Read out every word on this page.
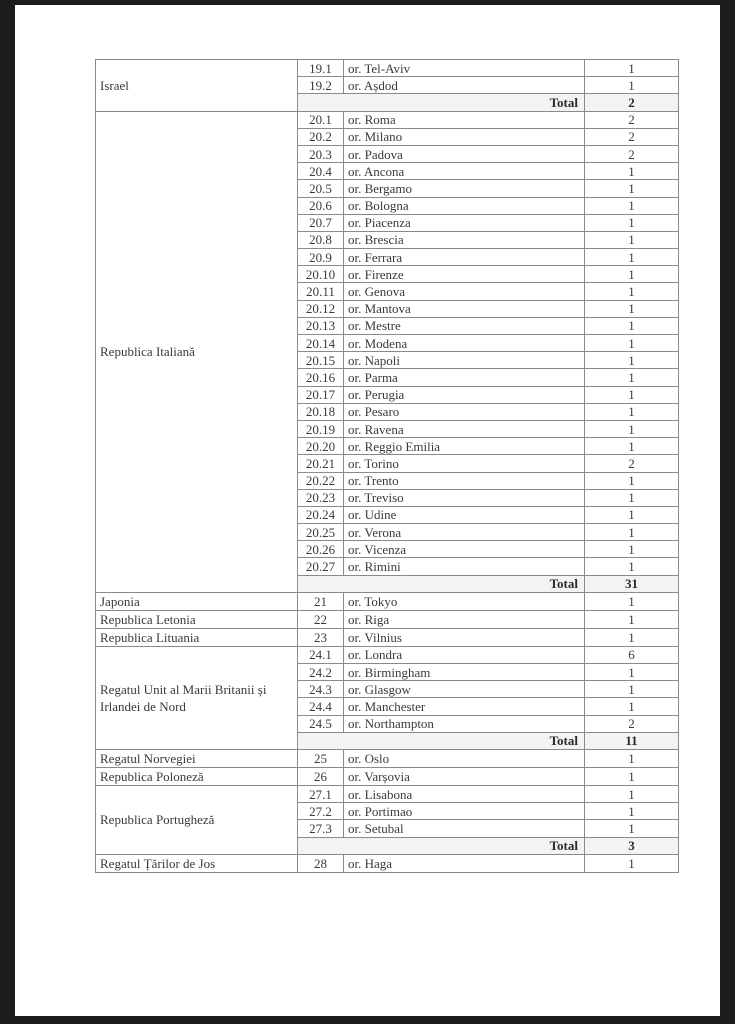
Israel	19.1	or. Tel-Aviv	1
	19.2	or. Așdod	1
	Total		2
Republica Italiană	20.1	or. Roma	2
	20.2	or. Milano	2
	20.3	or. Padova	2
	20.4	or. Ancona	1
	20.5	or. Bergamo	1
	20.6	or. Bologna	1
	20.7	or. Piacenza	1
	20.8	or. Brescia	1
	20.9	or. Ferrara	1
	20.10	or. Firenze	1
	20.11	or. Genova	1
	20.12	or. Mantova	1
	20.13	or. Mestre	1
	20.14	or. Modena	1
	20.15	or. Napoli	1
	20.16	or. Parma	1
	20.17	or. Perugia	1
	20.18	or. Pesaro	1
	20.19	or. Ravena	1
	20.20	or. Reggio Emilia	1
	20.21	or. Torino	2
	20.22	or. Trento	1
	20.23	or. Treviso	1
	20.24	or. Udine	1
	20.25	or. Verona	1
	20.26	or. Vicenza	1
	20.27	or. Rimini	1
	Total		31
Japonia	21	or. Tokyo	1
Republica Letonia	22	or. Riga	1
Republica Lituania	23	or. Vilnius	1
Regatul Unit al Marii Britanii și Irlandei de Nord	24.1	or. Londra	6
	24.2	or. Birmingham	1
	24.3	or. Glasgow	1
	24.4	or. Manchester	1
	24.5	or. Northampton	2
	Total		11
Regatul Norvegiei	25	or. Oslo	1
Republica Poloneză	26	or. Varșovia	1
Republica Portugheză	27.1	or. Lisabona	1
	27.2	or. Portimao	1
	27.3	or. Setubal	1
	Total		3
Regatul Țărilor de Jos	28	or. Haga	1
